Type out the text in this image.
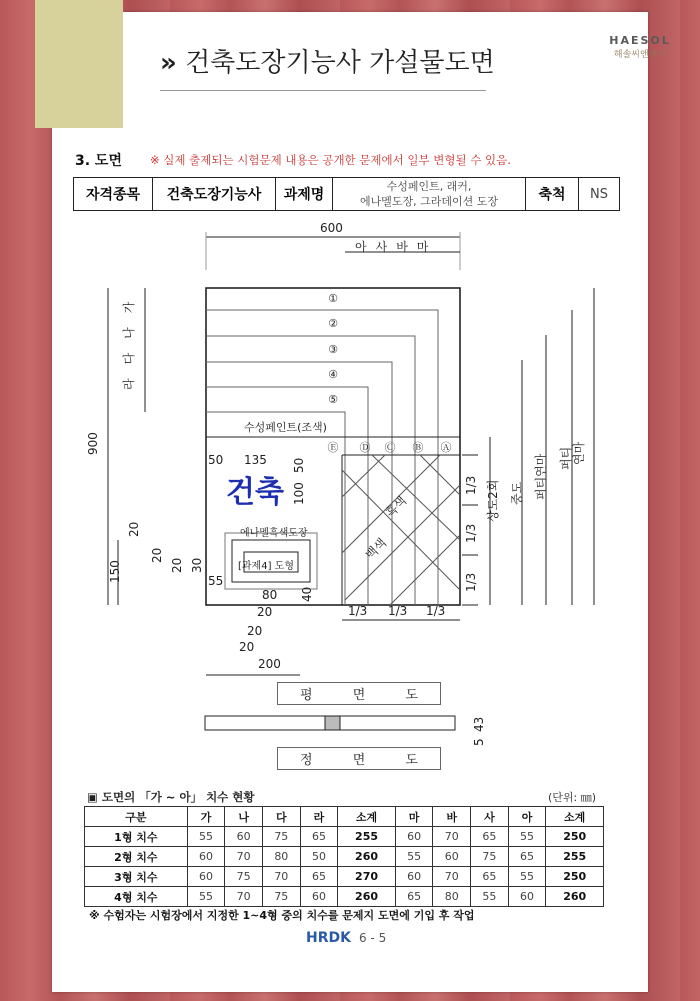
» 건축도장기능사 가설물도면
HAESOL
해솔씨앤아이
3. 도면 ※ 실제 출제되는 시험문제 내용은 공개한 문제에서 일부 변형될 수 있음.
자격종목	건축도장기능사	과제명	
수성페인트, 래커,
에나멜도장, 그라데이션 도장	축척	NS
①
②
③
④
⑤
Ⓔ Ⓓ Ⓒ Ⓑ Ⓐ
600
아사바마
라다나가
900
150
20
20
20 30
수성페인트(조색)
에나멜흑색도장
[과제4] 도형
건축	흑색
백색
50 135 50
100
55
80 40
20
20
20
200
1/3 1/3 1/3
1/3
1/3
1/3
상도2회 중도 퍼티연마 퍼티 연마
평 면 도
43
5
정 면 도
▣ 도면의 「가 ~ 아」 치수 현황	(단위: ㎜)
구분	가	나	다	라	소계	마	바	사	아	소계
1형 치수	55	60	75	65	255	60	70	65	55	250
2형 치수	60	70	80	50	260	55	60	75	65	255
3형 치수	60	75	70	65	270	60	70	65	55	250
4형 치수	55	70	75	60	260	65	80	55	60	260
※ 수험자는 시험장에서 지정한 1~4형 중의 치수를 문제지 도면에 기입 후 작업
HRDK 6 - 5
